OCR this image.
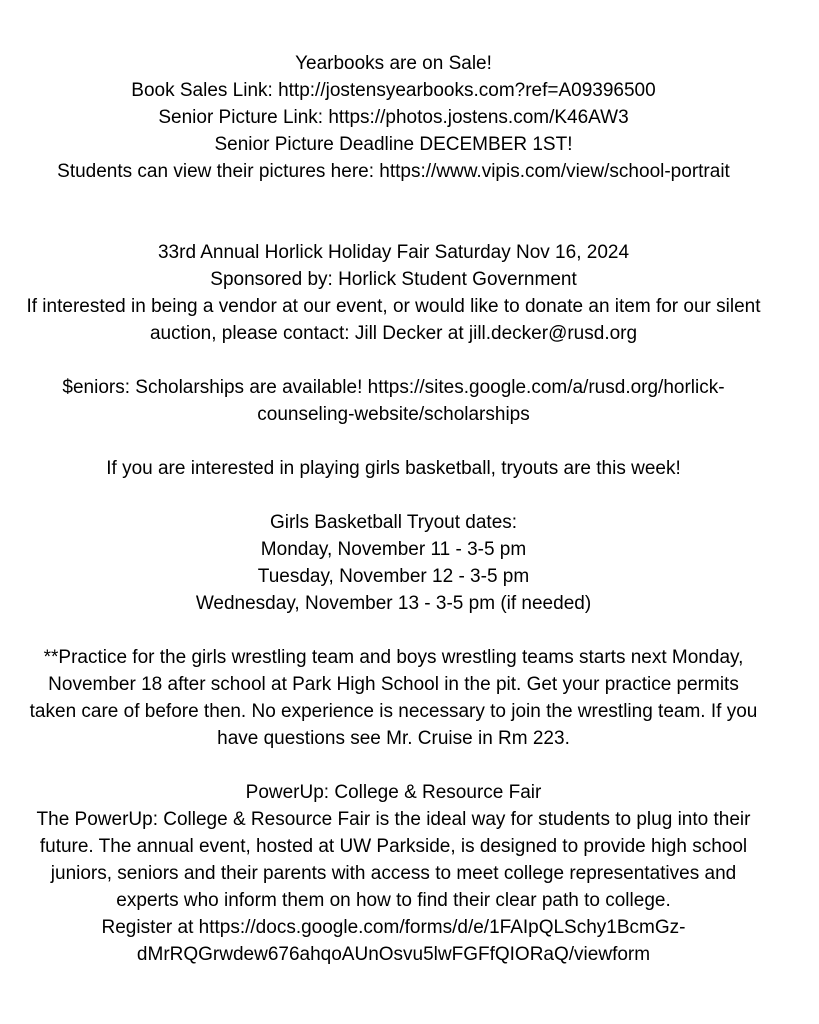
Yearbooks are on Sale!
Book Sales Link: http://jostensyearbooks.com?ref=A09396500
Senior Picture Link: https://photos.jostens.com/K46AW3
Senior Picture Deadline DECEMBER 1ST!
Students can view their pictures here: https://www.vipis.com/view/school-portrait
33rd Annual Horlick Holiday Fair Saturday Nov 16, 2024
Sponsored by: Horlick Student Government
If interested in being a vendor at our event, or would like to donate an item for our silent
auction, please contact: Jill Decker at jill.decker@rusd.org
$eniors: Scholarships are available! https://sites.google.com/a/rusd.org/horlick-
counseling-website/scholarships
If you are interested in playing girls basketball, tryouts are this week!
Girls Basketball Tryout dates:
Monday, November 11 - 3-5 pm
Tuesday, November 12 - 3-5 pm
Wednesday, November 13 - 3-5 pm (if needed)
**Practice for the girls wrestling team and boys wrestling teams starts next Monday,
November 18 after school at Park High School in the pit. Get your practice permits
taken care of before then. No experience is necessary to join the wrestling team. If you
have questions see Mr. Cruise in Rm 223.
PowerUp: College & Resource Fair
The PowerUp: College & Resource Fair is the ideal way for students to plug into their
future. The annual event, hosted at UW Parkside, is designed to provide high school
juniors, seniors and their parents with access to meet college representatives and
experts who inform them on how to find their clear path to college.
Register at https://docs.google.com/forms/d/e/1FAIpQLSchy1BcmGz-
dMrRQGrwdew676ahqoAUnOsvu5lwFGFfQIORaQ/viewform
